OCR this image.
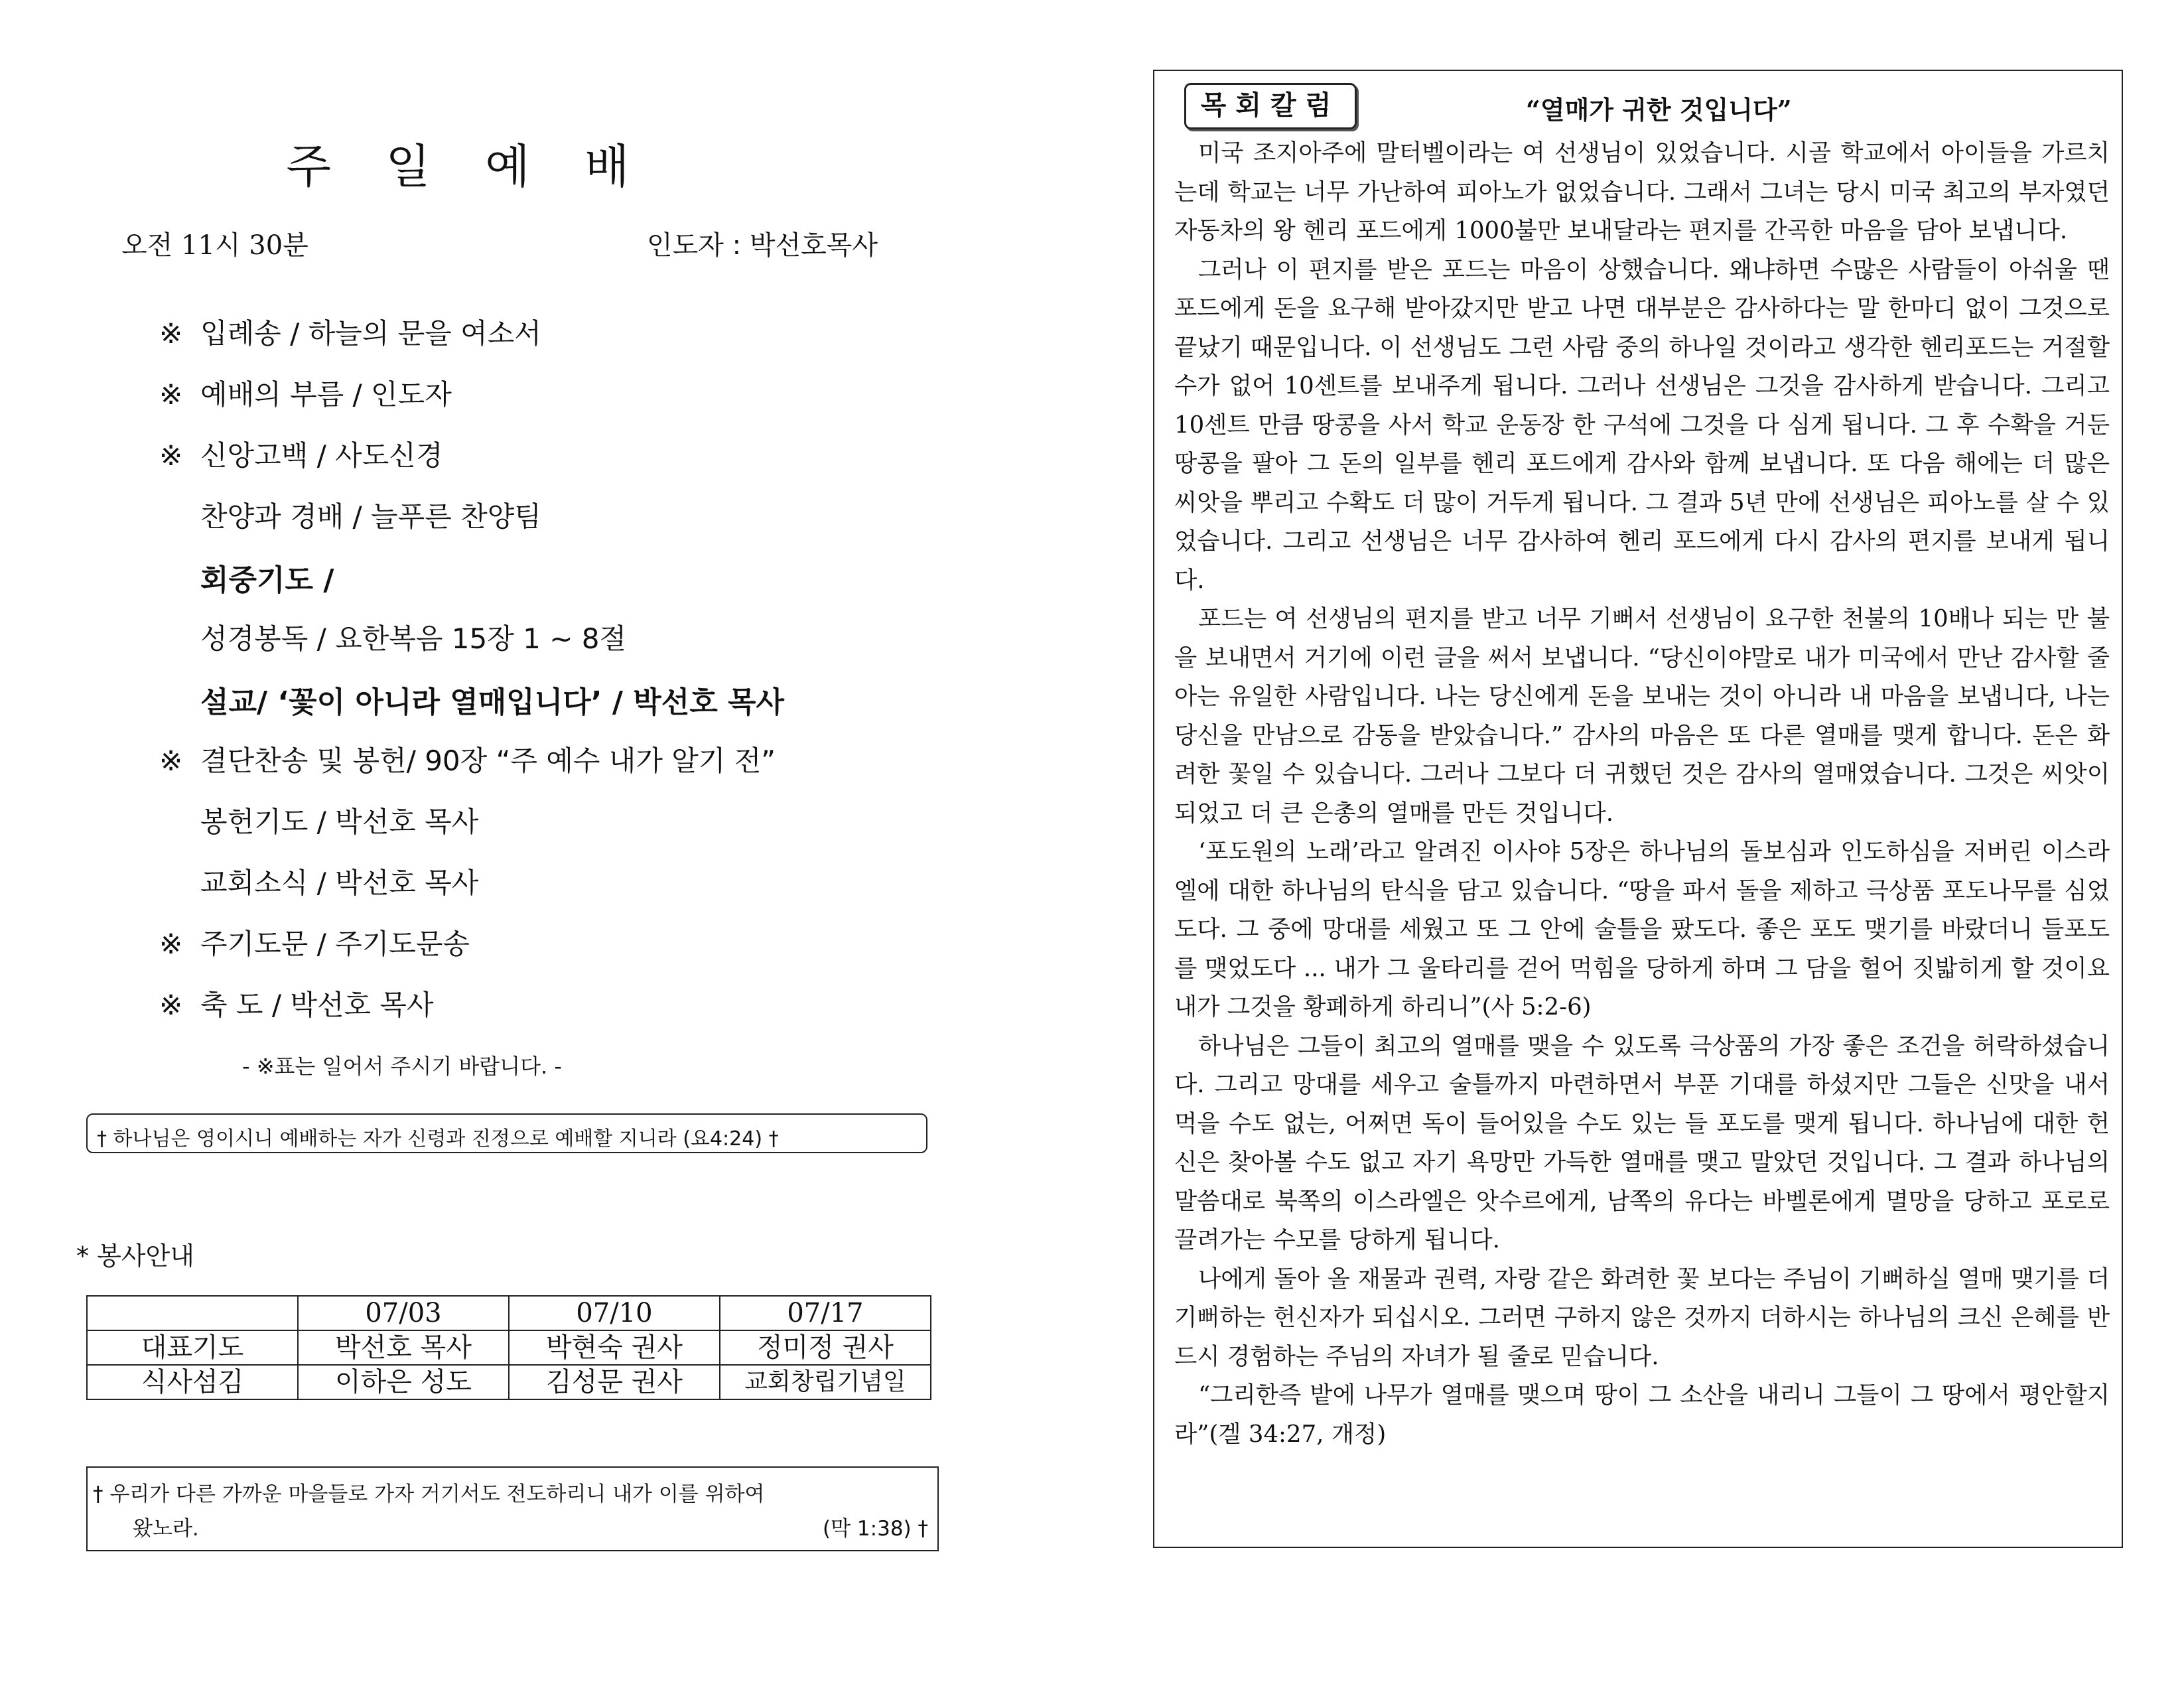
주 일 예 배
오전 11시 30분	인도자 : 박선호목사
※ 입례송 / 하늘의 문을 여소서
※ 예배의 부름 / 인도자
※ 신앙고백 / 사도신경
찬양과 경배 / 늘푸른 찬양팀
회중기도 /
성경봉독 / 요한복음 15장 1 ~ 8절
설교/ ‘꽃이 아니라 열매입니다’ / 박선호 목사
※ 결단찬송 및 봉헌/ 90장 “주 예수 내가 알기 전”
봉헌기도 / 박선호 목사
교회소식 / 박선호 목사
※ 주기도문 / 주기도문송
※ 축 도 / 박선호 목사
- ※표는 일어서 주시기 바랍니다. -
† 하나님은 영이시니 예배하는 자가 신령과 진정으로 예배할 지니라 (요4:24) †
* 봉사안내
	07/03	07/10	07/17
대표기도	박선호 목사	박현숙 권사	정미정 권사
식사섬김	이하은 성도	김성문 권사	교회창립기념일
† 우리가 다른 가까운 마을들로 가자 거기서도 전도하리니 내가 이를 위하여
왔노라.	(막 1:38) †
목회칼럼	“열매가 귀한 것입니다”

미국 조지아주에 말터벨이라는 여 선생님이 있었습니다. 시골 학교에서 아이들을 가르치는데 학교는 너무 가난하여 피아노가 없었습니다. 그래서 그녀는 당시 미국 최고의 부자였던 자동차의 왕 헨리 포드에게 1000불만 보내달라는 편지를 간곡한 마음을 담아 보냅니다.

그러나 이 편지를 받은 포드는 마음이 상했습니다. 왜냐하면 수많은 사람들이 아쉬울 땐 포드에게 돈을 요구해 받아갔지만 받고 나면 대부분은 감사하다는 말 한마디 없이 그것으로 끝났기 때문입니다. 이 선생님도 그런 사람 중의 하나일 것이라고 생각한 헨리포드는 거절할 수가 없어 10센트를 보내주게 됩니다. 그러나 선생님은 그것을 감사하게 받습니다. 그리고 10센트 만큼 땅콩을 사서 학교 운동장 한 구석에 그것을 다 심게 됩니다. 그 후 수확을 거둔 땅콩을 팔아 그 돈의 일부를 헨리 포드에게 감사와 함께 보냅니다. 또 다음 해에는 더 많은 씨앗을 뿌리고 수확도 더 많이 거두게 됩니다. 그 결과 5년 만에 선생님은 피아노를 살 수 있었습니다. 그리고 선생님은 너무 감사하여 헨리 포드에게 다시 감사의 편지를 보내게 됩니다.

포드는 여 선생님의 편지를 받고 너무 기뻐서 선생님이 요구한 천불의 10배나 되는 만 불을 보내면서 거기에 이런 글을 써서 보냅니다. “당신이야말로 내가 미국에서 만난 감사할 줄 아는 유일한 사람입니다. 나는 당신에게 돈을 보내는 것이 아니라 내 마음을 보냅니다, 나는 당신을 만남으로 감동을 받았습니다.” 감사의 마음은 또 다른 열매를 맺게 합니다. 돈은 화려한 꽃일 수 있습니다. 그러나 그보다 더 귀했던 것은 감사의 열매였습니다. 그것은 씨앗이 되었고 더 큰 은총의 열매를 만든 것입니다.

‘포도원의 노래’라고 알려진 이사야 5장은 하나님의 돌보심과 인도하심을 저버린 이스라엘에 대한 하나님의 탄식을 담고 있습니다. “땅을 파서 돌을 제하고 극상품 포도나무를 심었도다. 그 중에 망대를 세웠고 또 그 안에 술틀을 팠도다. 좋은 포도 맺기를 바랐더니 들포도를 맺었도다 ... 내가 그 울타리를 걷어 먹힘을 당하게 하며 그 담을 헐어 짓밟히게 할 것이요 내가 그것을 황폐하게 하리니”(사 5:2-6)

하나님은 그들이 최고의 열매를 맺을 수 있도록 극상품의 가장 좋은 조건을 허락하셨습니다. 그리고 망대를 세우고 술틀까지 마련하면서 부푼 기대를 하셨지만 그들은 신맛을 내서 먹을 수도 없는, 어쩌면 독이 들어있을 수도 있는 들 포도를 맺게 됩니다. 하나님에 대한 헌신은 찾아볼 수도 없고 자기 욕망만 가득한 열매를 맺고 말았던 것입니다. 그 결과 하나님의 말씀대로 북쪽의 이스라엘은 앗수르에게, 남쪽의 유다는 바벨론에게 멸망을 당하고 포로로 끌려가는 수모를 당하게 됩니다.

나에게 돌아 올 재물과 권력, 자랑 같은 화려한 꽃 보다는 주님이 기뻐하실 열매 맺기를 더 기뻐하는 헌신자가 되십시오. 그러면 구하지 않은 것까지 더하시는 하나님의 크신 은혜를 반드시 경험하는 주님의 자녀가 될 줄로 믿습니다.

“그리한즉 밭에 나무가 열매를 맺으며 땅이 그 소산을 내리니 그들이 그 땅에서 평안할지라”(겔 34:27, 개정)
